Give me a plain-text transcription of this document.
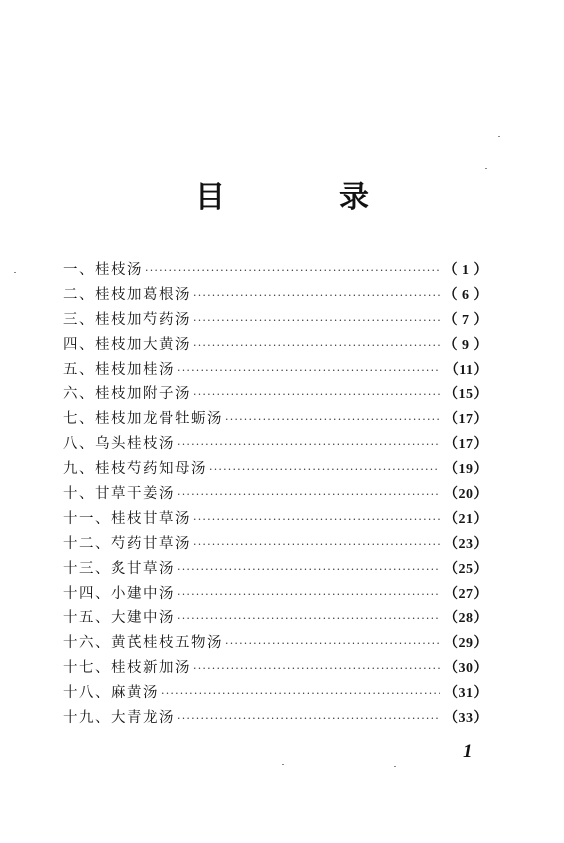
目　录
一、桂枝汤 ·····	（ 1 ）
二、桂枝加葛根汤 ·····	（ 6 ）
三、桂枝加芍药汤 ·····	（ 7 ）
四、桂枝加大黄汤 ·····	（ 9 ）
五、桂枝加桂汤 ·····	（11）
六、桂枝加附子汤 ·····	（15）
七、桂枝加龙骨牡蛎汤 ·····	（17）
八、乌头桂枝汤 ·····	（17）
九、桂枝芍药知母汤 ·····	（19）
十、甘草干姜汤 ·····	（20）
十一、桂枝甘草汤 ·····	（21）
十二、芍药甘草汤 ·····	（23）
十三、炙甘草汤 ·····	（25）
十四、小建中汤 ·····	（27）
十五、大建中汤 ·····	（28）
十六、黄芪桂枝五物汤 ·····	（29）
十七、桂枝新加汤 ·····	（30）
十八、麻黄汤 ·····	（31）
十九、大青龙汤 ·····	（33）
1
